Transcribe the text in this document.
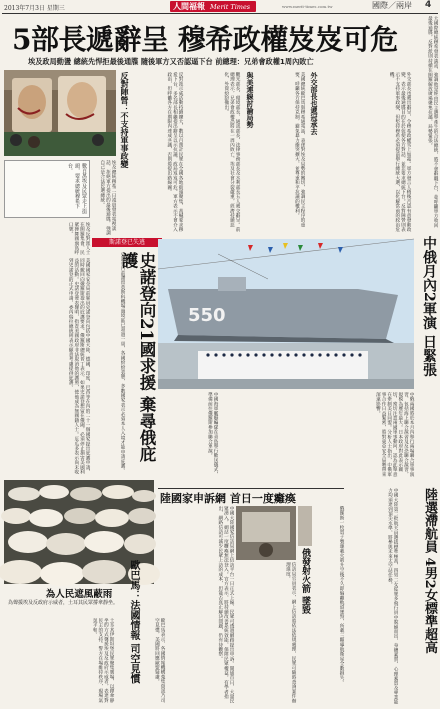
2013年7月3日 星期三	人間福報 Merit Times	www.merit-times.com.tw	國際／兩岸 4
大國際總統穆希發表談話，強調他是經由民主選舉產生的合法總統，將不會辭職下台，並呼籲軍方收回最後通牒，反對派則持續在開羅解放廣場聚集抗議，局勢緊張。
5部長遞辭呈 穆希政權岌岌可危
埃及政局動盪 總統先悍拒最後通牒 隨後軍方又否認逼下台 前總理：兄弟會政權1周內敗亡
數百萬埃及民眾走上街頭，要求總統穆希下台。	埃及總統穆希二日凌晨發表電視談話，拒絕軍方提出的最後通牒，強調自己是合法民選總統。
反對陣營：不支持軍事政變	反對派示威活動持續擴大，數以百萬計民眾在全國各地街頭聚集，高喊要求穆希下台，多名部長相繼提出辭呈以示抗議，政局岌岌可危。軍方表示不會介入政治，但呼籲各方在期限內達成共識，否則將提出路線圖。	觀光部長、環境部長、通訊部長、法律事務部長及水利部長五人遞交辭呈。前總理表示，兄弟會政權恐將在一周內敗亡，埃及社會分裂嚴重，經濟持續惡化，外資紛紛撤出。	與美連線討論局勢	美國總統歐巴馬與穆希通電話，表達對埃及局勢的關切，強調民主程序的重要，呼籲各方保持克制，避免暴力衝突擴大，並尊重和平抗議的權利。	外交部長也遞冠承去	外交部長也遞出辭呈，令穆希政權雪上加霜。軍方發言人稍後否認有意發動政變，表示最後通牒目的在於促使各方對話，並非要求總統下台。反對陣營則表示不支持軍事政變，但堅持穆希必須提前舉行總統大選，以化解當前的政治危機。
斯諾登已失逃
埃及反對派人士在開羅集會，民眾揮舞國旗高呼口號。
美國國家安全局前雇員史諾登向包括中國大陸、德國、印度、巴西等在內的二十一個國家提出庇護申請，同時撤回向俄羅斯提出的庇護要求。俄羅斯總統普丁表示，如果史諾登想留在俄國，必須停止損害美國利益的活動。史諾登發表聲明，指責美國政府非法取消他的護照，使他成為無國籍人士。厄瓜多表示尚未收到史諾登的正式申請，委內瑞拉總統則表示願意考慮提供庇護。	史諾登向21國求援 棄尋俄庇護
史諾登目前滯留莫斯科機場過境區已超過一周，各國紛紛表態，多數國家表示必須本人入境才能申請庇護。
為人民遮風蔽雨
為聲援埃及反政府示威者，土耳其民眾撐傘靜坐。
土耳其伊斯坦堡民眾聚集廣場，以撐傘靜坐的方式聲援埃及反政府示威者，表達對民主的支持。警方在場維持秩序，現場氣氛平和。	歐巴馬：法國情報 司空見慣	歐巴馬表示，各國情報機構蒐集資訊乃司空見慣，美國將回應歐盟疑慮。
550	中俄月內2軍演 日緊張
中國海軍艦艇編隊在青島舉行歡送儀式，準備前往俄羅斯參加聯合軍演。	中俄兩國將於本月內舉行兩場聯合軍事演習，包括海上聯合演習及反恐聯合演習，規模為歷年最大。日本政府對此表示關切，密切注意兩國軍事動向，認為此舉意在牽制美日同盟。分析人士指出，中俄軍事合作日益緊密，將對東亞安全局勢帶來深遠影響。
陸國家申訴網 首日一度癱瘓
中國大陸國家信訪局網上信訪平台一日正式上線，民眾可透過網路提出申訴。開通首日，大量民眾湧入，網站一度癱瘓無法登入。官方表示，將持續改善系統效能，保障民眾權益。有學者指出，網路信訪可減少民眾上訪的成本，但能否真正解決問題，仍有待觀察。	信訪局官員表示，網上信訪將依法依規處理，民眾可隨時查詢案件辦理進度。	俄發射火箭 墜毀	俄羅斯一枚質子號運載火箭升空後不久即偏離軌道墜毀，所載三顆導航衛星全數損失。	陸選滯航員 4男2女標準超高
中國大陸第二批航天員選拔標準極高，四男二女從眾多飛行員中脫穎而出，身體素質、心理素質及專業能力均須達到頂尖水準，將參與未來太空站任務。
